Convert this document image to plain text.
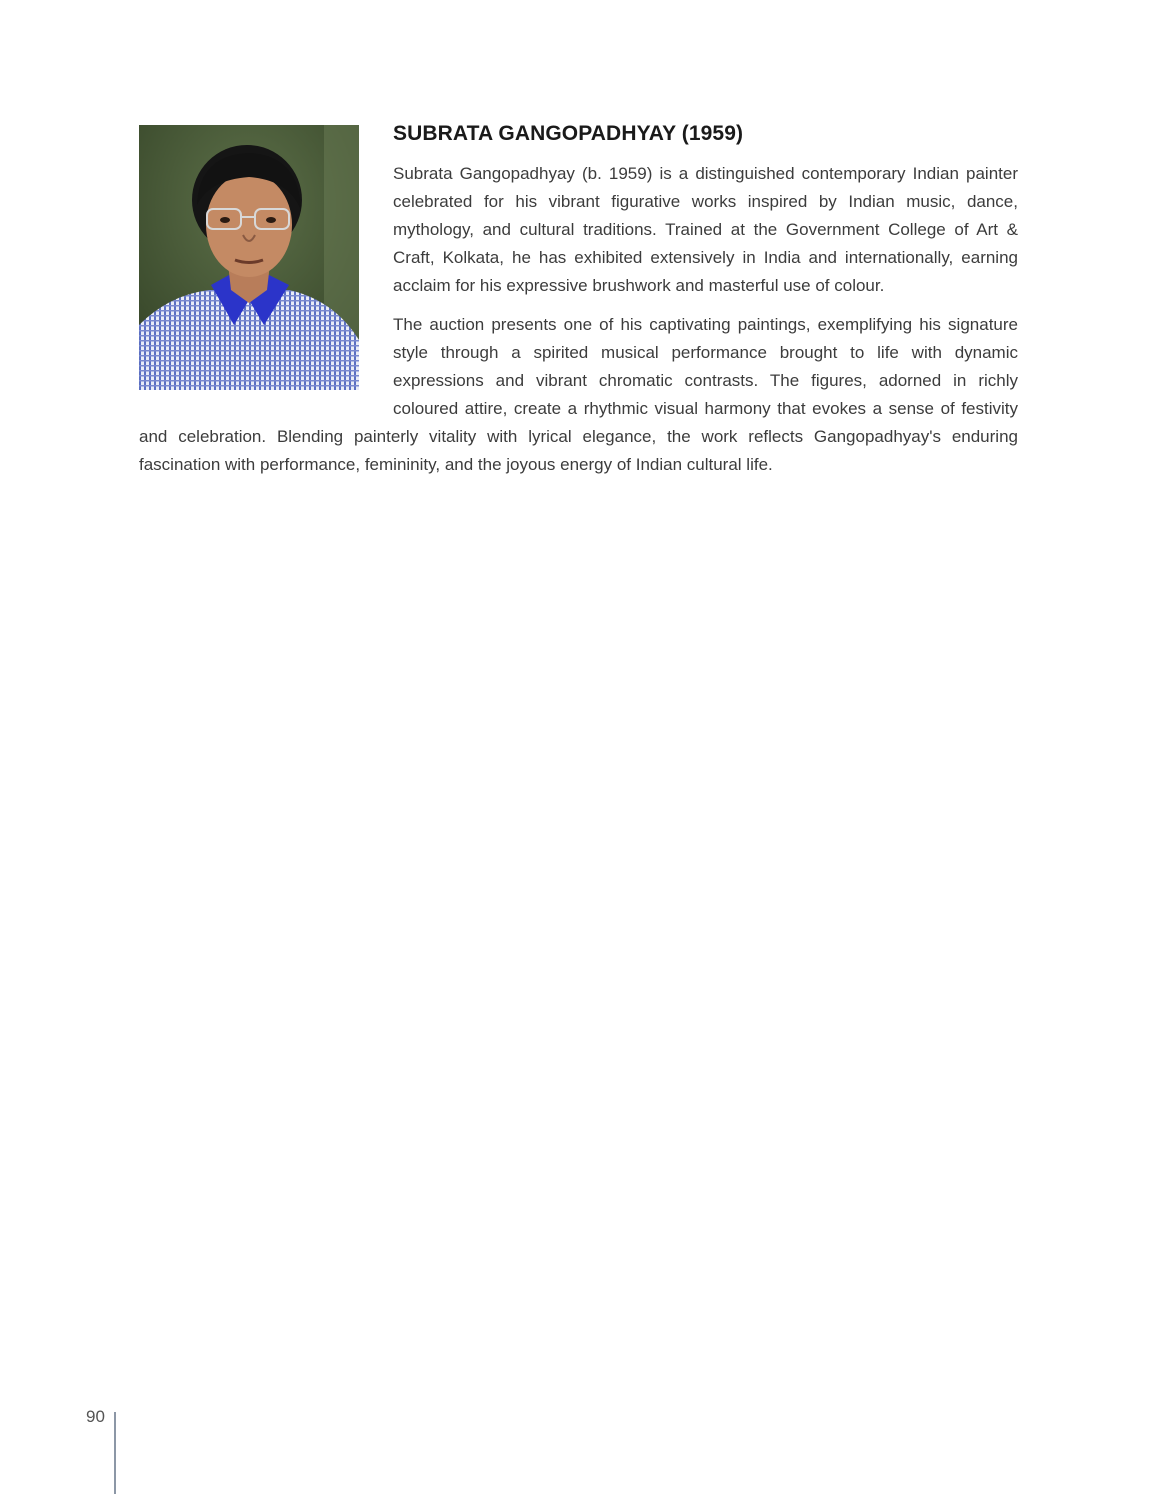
SUBRATA GANGOPADHYAY (1959)

Subrata Gangopadhyay (b. 1959) is a distinguished contemporary Indian painter celebrated for his vibrant figurative works inspired by Indian music, dance, mythology, and cultural traditions. Trained at the Government College of Art & Craft, Kolkata, he has exhibited extensively in India and internationally, earning acclaim for his expressive brushwork and masterful use of colour.

The auction presents one of his captivating paintings, exemplifying his signature style through a spirited musical performance brought to life with dynamic expressions and vibrant chromatic contrasts. The figures, adorned in richly coloured attire, create a rhythmic visual harmony that evokes a sense of festivity and celebration. Blending painterly vitality with lyrical elegance, the work reflects Gangopadhyay's enduring fascination with performance, femininity, and the joyous energy of Indian cultural life.

90
